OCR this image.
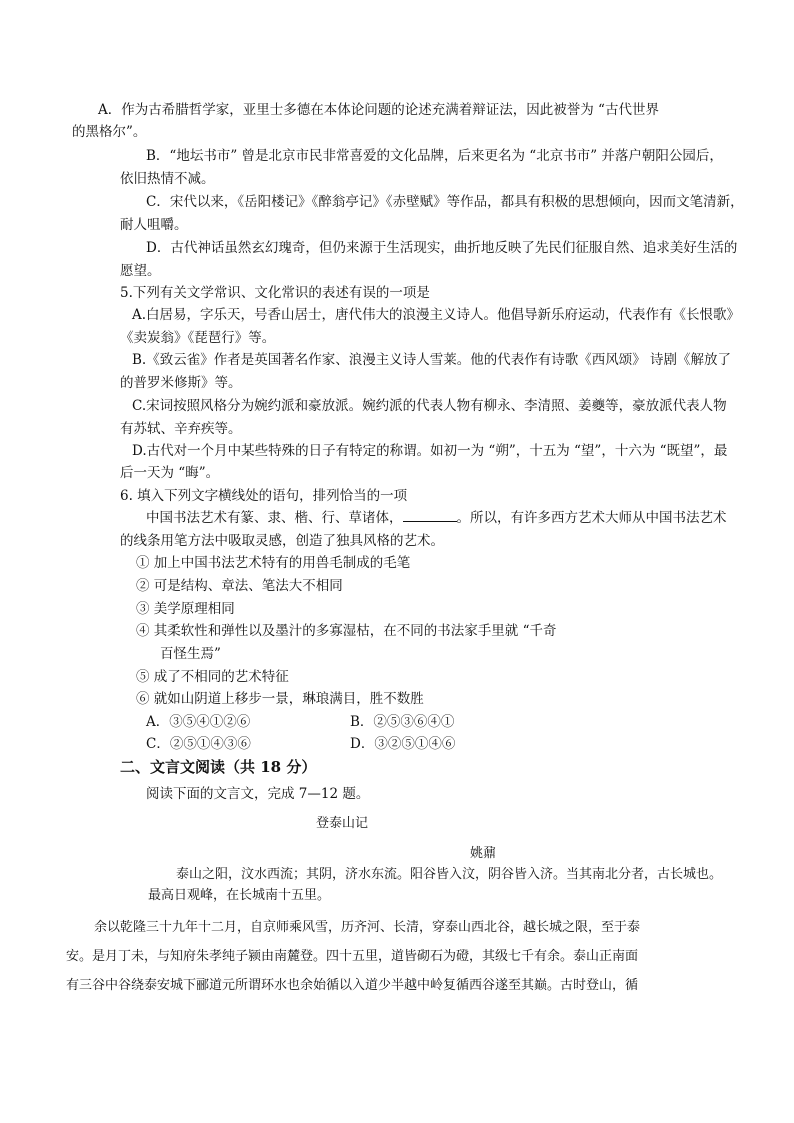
A．作为古希腊哲学家，亚里士多德在本体论问题的论述充满着辩证法，因此被誉为 “古代世界
的黑格尔”。
B．“地坛书市” 曾是北京市民非常喜爱的文化品牌，后来更名为 “北京书市” 并落户朝阳公园后，
依旧热情不减。
C．宋代以来，《岳阳楼记》《醉翁亭记》《赤壁赋》等作品，都具有积极的思想倾向，因而文笔清新，
耐人咀嚼。
D．古代神话虽然玄幻瑰奇，但仍来源于生活现实，曲折地反映了先民们征服自然、追求美好生活的
愿望。
5.下列有关文学常识、文化常识的表述有误的一项是
A.白居易，字乐天，号香山居士，唐代伟大的浪漫主义诗人。他倡导新乐府运动，代表作有《长恨歌》
《卖炭翁》《琵琶行》等。
B.《致云雀》作者是英国著名作家、浪漫主义诗人雪莱。他的代表作有诗歌《西风颂》 诗剧《解放了
的普罗米修斯》等。
C.宋词按照风格分为婉约派和豪放派。婉约派的代表人物有柳永、李清照、姜夔等，豪放派代表人物
有苏轼、辛弃疾等。
D.古代对一个月中某些特殊的日子有特定的称谓。如初一为 “朔”，十五为 “望”，十六为 “既望”，最
后一天为 “晦”。
6. 填入下列文字横线处的语句，排列恰当的一项
中国书法艺术有篆、隶、楷、行、草诸体，	。所以，有许多西方艺术大师从中国书法艺术
的线条用笔方法中吸取灵感，创造了独具风格的艺术。
① 加上中国书法艺术特有的用兽毛制成的毛笔
② 可是结构、章法、笔法大不相同
③ 美学原理相同
④ 其柔软性和弹性以及墨汁的多寡湿枯，在不同的书法家手里就 “千奇
百怪生焉”
⑤ 成了不相同的艺术特征
⑥ 就如山阴道上移步一景，琳琅满目，胜不数胜
A．③⑤④①②⑥	B．②⑤③⑥④①
C．②⑤①④③⑥	D．③②⑤①④⑥
二、文言文阅读（共 18 分）
阅读下面的文言文，完成 7—12 题。
登泰山记
姚鼐
泰山之阳，汶水西流；其阴，济水东流。阳谷皆入汶，阴谷皆入济。当其南北分者，古长城也。
最高日观峰，在长城南十五里。
余以乾隆三十九年十二月，自京师乘风雪，历齐河、长清，穿泰山西北谷，越长城之限，至于泰
安。是月丁未，与知府朱孝纯子颍由南麓登。四十五里，道皆砌石为磴，其级七千有余。泰山正南面
有三谷中谷绕泰安城下郦道元所谓环水也余始循以入道少半越中岭复循西谷遂至其巅。古时登山，循
